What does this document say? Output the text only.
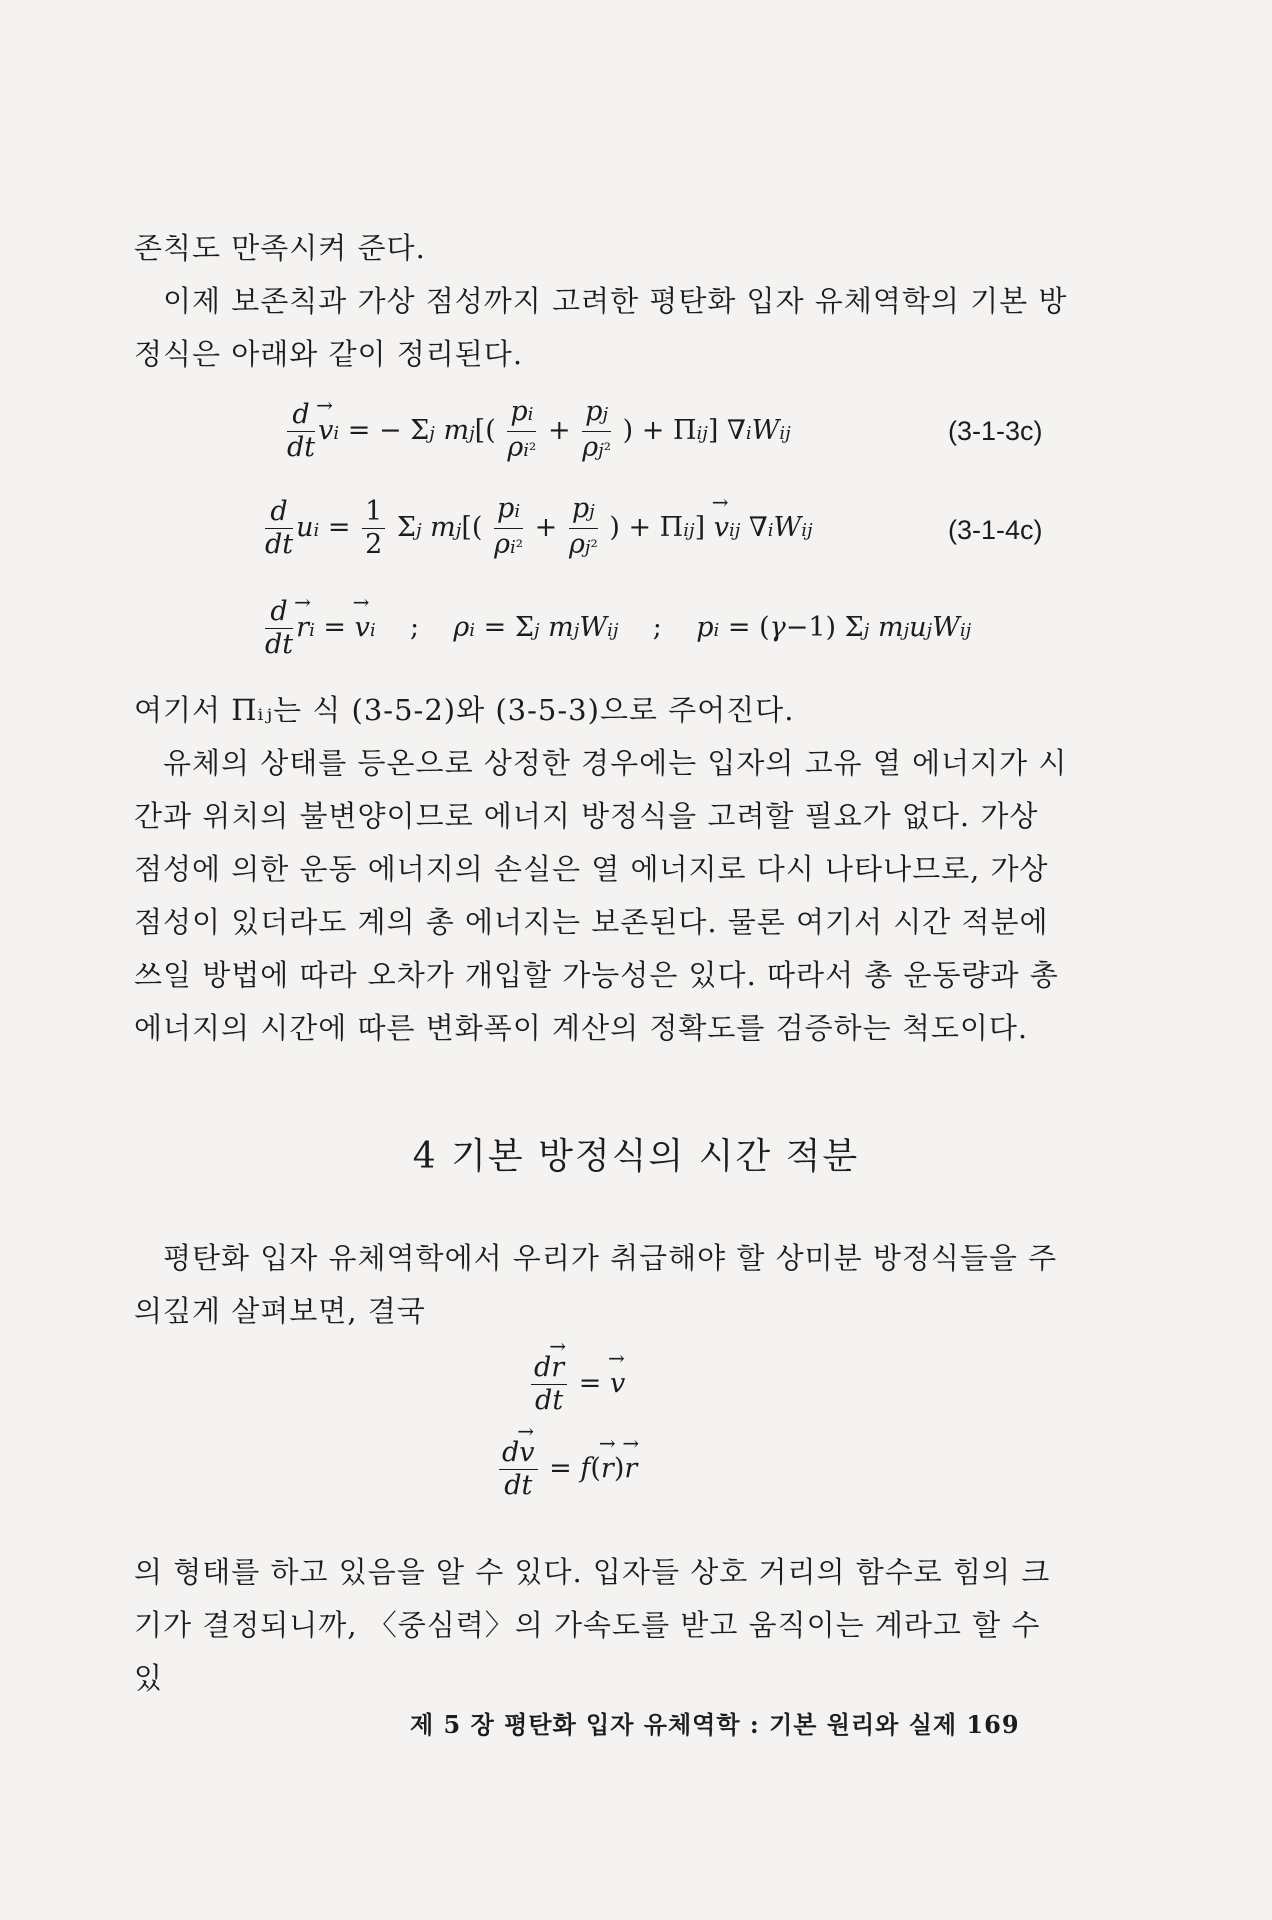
존칙도 만족시켜 준다.

이제 보존칙과 가상 점성까지 고려한 평탄화 입자 유체역학의 기본 방정식은 아래와 같이 정리된다.

$\frac{d}{dt}$ v →i = − Σj $mj[( \frac{pi}{\text{ρi²}} + \frac{pj}{\text{ρj²}}$ ) + Πij] ∇iWij	(3-1-3c)
$\frac{d}{dt}$ ui = $\frac{1}{2}$ Σj $mj[( \frac{pi}{\text{ρi²}} + \frac{pj}{\text{ρj²}}$ ) + Πij] v →ij ∇iWij	(3-1-4c)
$\frac{d}{dt}$ r →i = v →i    ;    ρi = Σj mjWij    ;    pi = (γ−1) Σj mjujWij

여기서 Πᵢⱼ는 식 (3-5-2)와 (3-5-3)으로 주어진다.

유체의 상태를 등온으로 상정한 경우에는 입자의 고유 열 에너지가 시간과 위치의 불변양이므로 에너지 방정식을 고려할 필요가 없다. 가상 점성에 의한 운동 에너지의 손실은 열 에너지로 다시 나타나므로, 가상 점성이 있더라도 계의 총 에너지는 보존된다. 물론 여기서 시간 적분에 쓰일 방법에 따라 오차가 개입할 가능성은 있다. 따라서 총 운동량과 총 에너지의 시간에 따른 변화폭이 계산의 정확도를 검증하는 척도이다.

4 기본 방정식의 시간 적분

평탄화 입자 유체역학에서 우리가 취급해야 할 상미분 방정식들을 주의깊게 살펴보면, 결국

$\frac{dr \to}{dt} = v$ →
$\frac{dv \to}{dt} = f(r \to)r$ →

의 형태를 하고 있음을 알 수 있다. 입자들 상호 거리의 함수로 힘의 크기가 결정되니까, 〈중심력〉의 가속도를 받고 움직이는 계라고 할 수 있

제 5 장 평탄화 입자 유체역학 : 기본 원리와 실제 169
